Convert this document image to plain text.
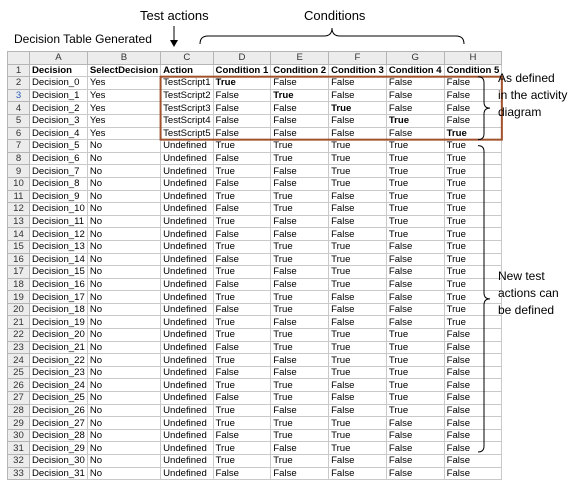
Test actions	Conditions
Decision Table Generated
	A	B	C	D	E	F	G	H
1	Decision	SelectDecision	Action	Condition 1	Condition 2	Condition 3	Condition 4	Condition 5
2	Decision_0	Yes	TestScript1	True	False	False	False	False
3	Decision_1	Yes	TestScript2	False	True	False	False	False
4	Decision_2	Yes	TestScript3	False	False	True	False	False
5	Decision_3	Yes	TestScript4	False	False	False	True	False
6	Decision_4	Yes	TestScript5	False	False	False	False	True
7	Decision_5	No	Undefined	True	True	True	True	True
8	Decision_6	No	Undefined	False	True	True	True	True
9	Decision_7	No	Undefined	True	False	True	True	True
10	Decision_8	No	Undefined	False	False	True	True	True
11	Decision_9	No	Undefined	True	True	False	True	True
12	Decision_10	No	Undefined	False	True	False	True	True
13	Decision_11	No	Undefined	True	False	False	True	True
14	Decision_12	No	Undefined	False	False	False	True	True
15	Decision_13	No	Undefined	True	True	True	False	True
16	Decision_14	No	Undefined	False	True	True	False	True
17	Decision_15	No	Undefined	True	False	True	False	True
18	Decision_16	No	Undefined	False	False	True	False	True
19	Decision_17	No	Undefined	True	True	False	False	True
20	Decision_18	No	Undefined	False	True	False	False	True
21	Decision_19	No	Undefined	True	False	False	False	True
22	Decision_20	No	Undefined	True	True	True	True	False
23	Decision_21	No	Undefined	False	True	True	True	False
24	Decision_22	No	Undefined	True	False	True	True	False
25	Decision_23	No	Undefined	False	False	True	True	False
26	Decision_24	No	Undefined	True	True	False	True	False
27	Decision_25	No	Undefined	False	True	False	True	False
28	Decision_26	No	Undefined	True	False	False	True	False
29	Decision_27	No	Undefined	True	True	True	False	False
30	Decision_28	No	Undefined	False	True	True	False	False
31	Decision_29	No	Undefined	True	False	True	False	False
32	Decision_30	No	Undefined	True	True	False	False	False
33	Decision_31	No	Undefined	False	False	False	False	False
As defined
in the activity
diagram
New test
actions can
be defined
